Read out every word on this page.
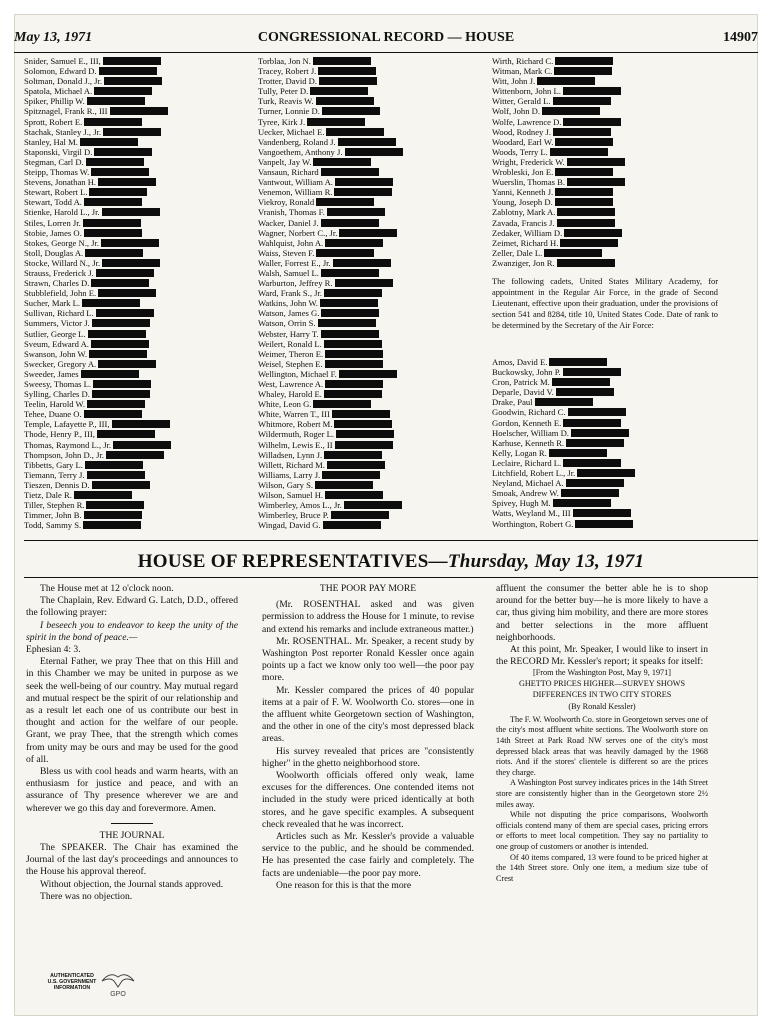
May 13, 1971	CONGRESSIONAL RECORD — HOUSE	14907
Snider, Samuel E., III,
Solomon, Edward D.
Soltman, Donald J., Jr.
Spatola, Michael A.
Spiker, Phillip W.
Spitznagel, Frank R., III
Sprott, Robert E.
Stachak, Stanley J., Jr.
Stanley, Hal M.
Staponski, Virgil D.
Stegman, Carl D.
Steipp, Thomas W.
Stevens, Jonathan H.
Stewart, Robert L.
Stewart, Todd A.
Stienke, Harold L., Jr.
Stiles, Lorren Jr.
Stobie, James O.
Stokes, George N., Jr.
Stoll, Douglas A.
Stocke, Willard N., Jr.
Strauss, Frederick J.
Strawn, Charles D.
Stubblefield, John E.
Sucher, Mark L.
Sullivan, Richard L.
Summers, Victor J.
Sutlier, George L.
Sveum, Edward A.
Swanson, John W.
Swecker, Gregory A.
Sweeder, James
Sweesy, Thomas L.
Sylling, Charles D.
Teelin, Harold W.
Tehee, Duane O.
Temple, Lafayette P., III,
Thode, Henry P., III,
Thomas, Raymond L., Jr.
Thompson, John D., Jr.
Tibbetts, Gary L.
Tiemann, Terry J.
Tieszen, Dennis D.
Tietz, Dale R.
Tiller, Stephen R.
Timmer, John B.
Todd, Sammy S.
Torblaa, Jon N.
Tracey, Robert J.
Trotter, David D.
Tully, Peter D.
Turk, Reavis W.
Turner, Lonnie D.
Tyree, Kirk J.
Uecker, Michael E.
Vandenberg, Roland J.
Vangoethem, Anthony J.
Vanpelt, Jay W.
Vansaun, Richard
Vantwout, William A.
Venemon, William R.
Viekroy, Ronald
Vranish, Thomas F.
Wacker, Daniel J.
Wagner, Norbert C., Jr.
Wahlquist, John A.
Waiss, Steven F.
Waller, Forrest E., Jr.
Walsh, Samuel L.
Warburton, Jeffrey R.
Ward, Frank S., Jr.
Watkins, John W.
Watson, James G.
Watson, Orrin S.
Webster, Harry T.
Weilert, Ronald L.
Weimer, Theron E.
Weisel, Stephen E.
Wellington, Michael F.
West, Lawrence A.
Whaley, Harold E.
White, Leon G.
White, Warren T., III
Whitmore, Robert M.
Wildermuth, Roger L.
Wilhelm, Lewis E., II
Willadsen, Lynn J.
Willett, Richard M.
Williams, Larry J.
Wilson, Gary S.
Wilson, Samuel H.
Wimberley, Amos L., Jr.
Wimberley, Bruce P.
Wingad, David G.
Wirth, Richard C.
Witman, Mark C.
Witt, John J.
Wittenborn, John L.
Witter, Gerald L.
Wolf, John D.
Wolfe, Lawrence D.
Wood, Rodney J.
Woodard, Earl W.
Woods, Terry L.
Wright, Frederick W.
Wrobleski, Jon E.
Wuerslin, Thomas B.
Yanni, Kenneth J.
Young, Joseph D.
Zablotny, Mark A.
Zavada, Francis J.
Zedaker, William D.
Zeimet, Richard H.
Zeller, Dale L.
Zwanziger, Jon R.

The following cadets, United States Military Academy, for appointment in the Regular Air Force, in the grade of Second Lieutenant, effective upon their graduation, under the provisions of section 541 and 8284, title 10, United States Code. Date of rank to be determined by the Secretary of the Air Force:

Amos, David E.
Buckowsky, John P.
Cron, Patrick M.
Deparle, David V.
Drake, Paul
Goodwin, Richard C.
Gordon, Kenneth E.
Hoelscher, William D.
Karhuse, Kenneth R.
Kelly, Logan R.
Leclaire, Richard L.
Litchfield, Robert L., Jr.
Neyland, Michael A.
Smoak, Andrew W.
Spivey, Hugh M.
Watts, Weyland M., III
Worthington, Robert G.
HOUSE OF REPRESENTATIVES—Thursday, May 13, 1971

The House met at 12 o'clock noon.

The Chaplain, Rev. Edward G. Latch, D.D., offered the following prayer:

I beseech you to endeavor to keep the unity of the spirit in the bond of peace.—

Ephesian 4: 3.

Eternal Father, we pray Thee that on this Hill and in this Chamber we may be united in purpose as we seek the well-being of our country. May mutual regard and mutual respect be the spirit of our relationship and as a result let each one of us contribute our best in thought and action for the welfare of our people. Grant, we pray Thee, that the strength which comes from unity may be ours and may be used for the good of all.

Bless us with cool heads and warm hearts, with an enthusiasm for justice and peace, and with an assurance of Thy presence wherever we are and wherever we go this day and forevermore. Amen.

THE JOURNAL

The SPEAKER. The Chair has examined the Journal of the last day's proceedings and announces to the House his approval thereof.

Without objection, the Journal stands approved.

There was no objection.

THE POOR PAY MORE

(Mr. ROSENTHAL asked and was given permission to address the House for 1 minute, to revise and extend his remarks and include extraneous matter.)

Mr. ROSENTHAL. Mr. Speaker, a recent study by Washington Post reporter Ronald Kessler once again points up a fact we know only too well—the poor pay more.

Mr. Kessler compared the prices of 40 popular items at a pair of F. W. Woolworth Co. stores—one in the affluent white Georgetown section of Washington, and the other in one of the city's most depressed black areas.

His survey revealed that prices are "consistently higher" in the ghetto neighborhood store.

Woolworth officials offered only weak, lame excuses for the differences. One contended items not included in the study were priced identically at both stores, and he gave specific examples. A subsequent check revealed that he was incorrect.

Articles such as Mr. Kessler's provide a valuable service to the public, and he should be commended. He has presented the case fairly and completely. The facts are undeniable—the poor pay more.

One reason for this is that the more

affluent the consumer the better able he is to shop around for the better buy—he is more likely to have a car, thus giving him mobility, and there are more stores and better selections in the more affluent neighborhoods.

At this point, Mr. Speaker, I would like to insert in the RECORD Mr. Kessler's report; it speaks for itself:

[From the Washington Post, May 9, 1971]

GHETTO PRICES HIGHER—SURVEY SHOWS DIFFERENCES IN TWO CITY STORES

(By Ronald Kessler)

The F. W. Woolworth Co. store in Georgetown serves one of the city's most affluent white sections. The Woolworth store on 14th Street at Park Road NW serves one of the city's most depressed black areas that was heavily damaged by the 1968 riots. And if the stores' clientele is different so are the prices they charge.

A Washington Post survey indicates prices in the 14th Street store are consistently higher than in the Georgetown store 2½ miles away.

While not disputing the price comparisons, Woolworth officials contend many of them are special cases, pricing errors or efforts to meet local competition. They say no partiality to one group of customers or another is intended.

Of 40 items compared, 13 were found to be priced higher at the 14th Street store. Only one item, a medium size tube of Crest

AUTHENTICATED
U.S. GOVERNMENT
INFORMATION
GPO
